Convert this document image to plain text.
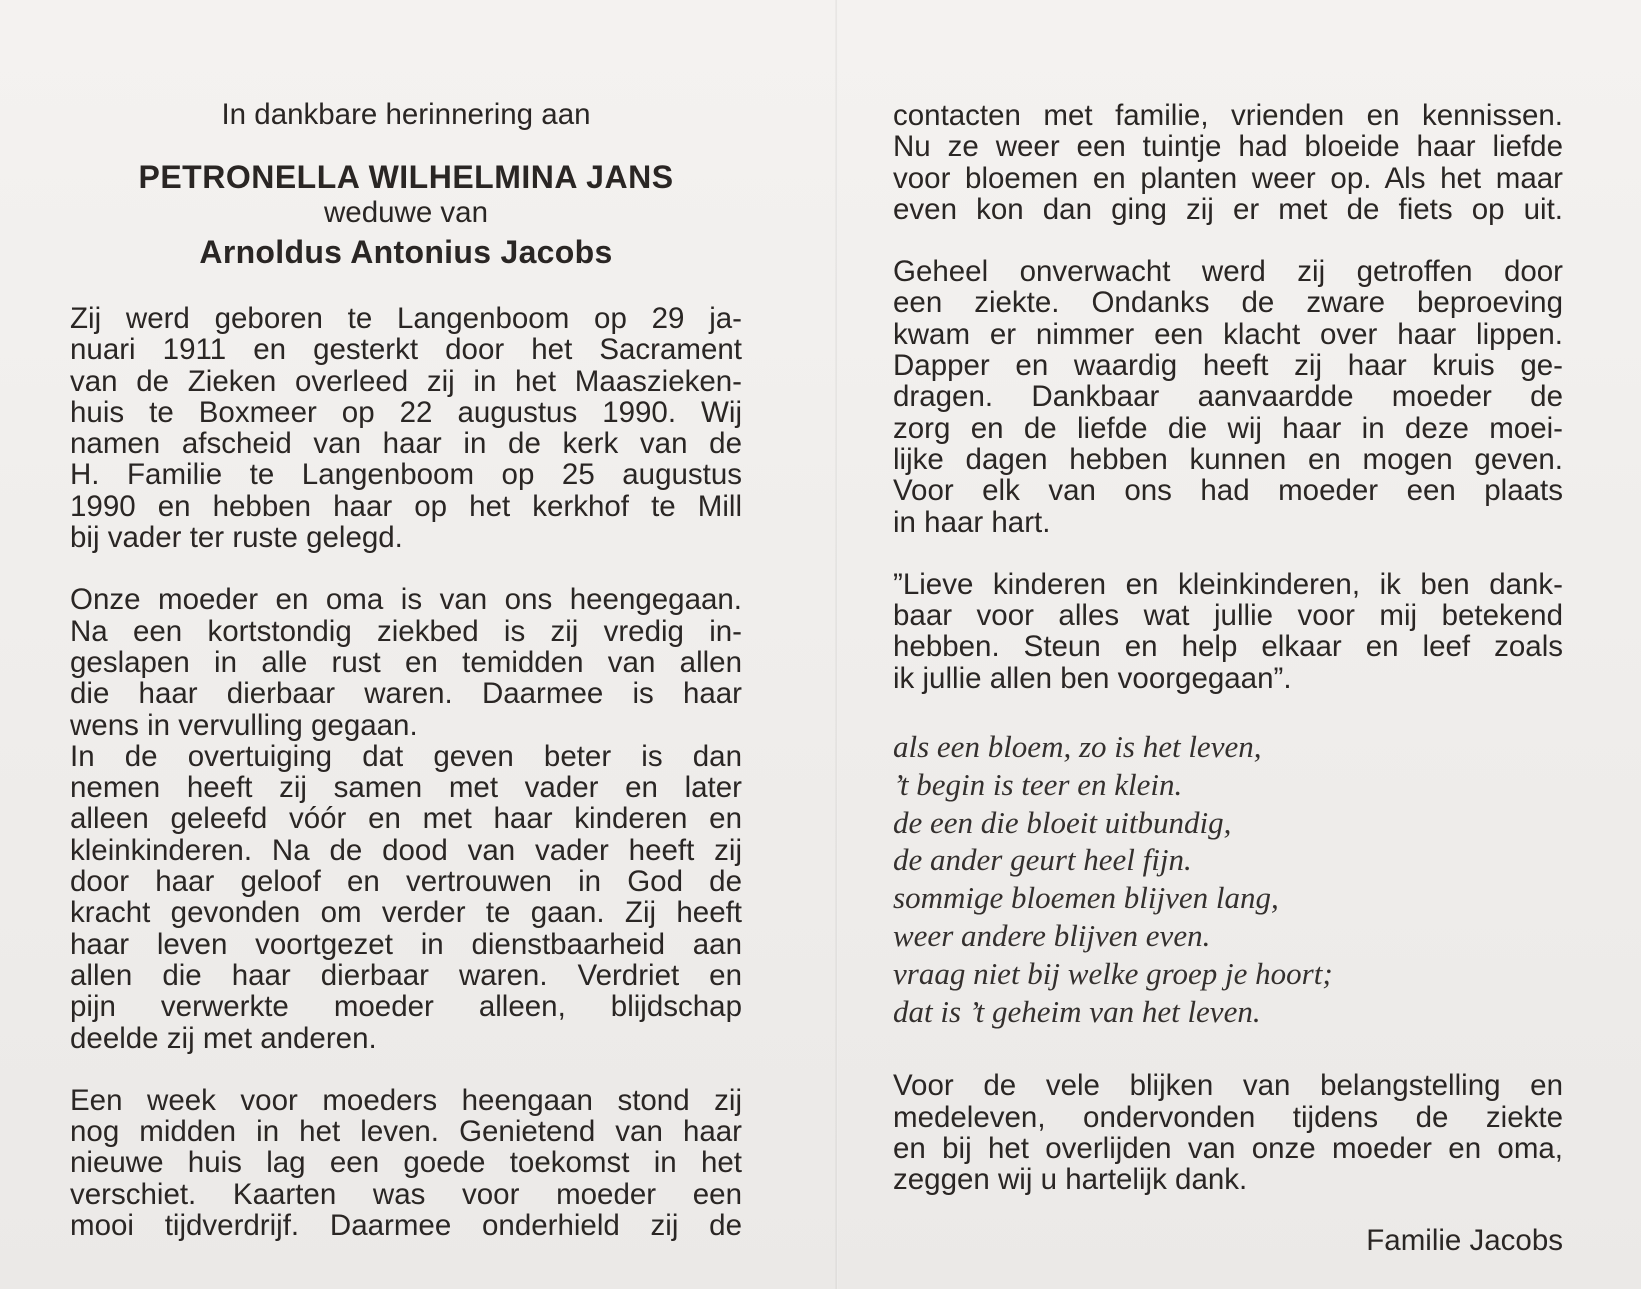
In dankbare herinnering aan

PETRONELLA WILHELMINA JANS

weduwe van

Arnoldus Antonius Jacobs

Zij werd geboren te Langenboom op 29 ja-
nuari 1911 en gesterkt door het Sacrament
van de Zieken overleed zij in het Maaszieken-
huis te Boxmeer op 22 augustus 1990. Wij
namen afscheid van haar in de kerk van de
H. Familie te Langenboom op 25 augustus
1990 en hebben haar op het kerkhof te Mill
bij vader ter ruste gelegd.

Onze moeder en oma is van ons heengegaan.
Na een kortstondig ziekbed is zij vredig in-
geslapen in alle rust en temidden van allen
die haar dierbaar waren. Daarmee is haar
wens in vervulling gegaan.
In de overtuiging dat geven beter is dan
nemen heeft zij samen met vader en later
alleen geleefd vóór en met haar kinderen en
kleinkinderen. Na de dood van vader heeft zij
door haar geloof en vertrouwen in God de
kracht gevonden om verder te gaan. Zij heeft
haar leven voortgezet in dienstbaarheid aan
allen die haar dierbaar waren. Verdriet en
pijn verwerkte moeder alleen, blijdschap
deelde zij met anderen.

Een week voor moeders heengaan stond zij
nog midden in het leven. Genietend van haar
nieuwe huis lag een goede toekomst in het
verschiet. Kaarten was voor moeder een
mooi tijdverdrijf. Daarmee onderhield zij de

contacten met familie, vrienden en kennissen.
Nu ze weer een tuintje had bloeide haar liefde
voor bloemen en planten weer op. Als het maar
even kon dan ging zij er met de fiets op uit.

Geheel onverwacht werd zij getroffen door
een ziekte. Ondanks de zware beproeving
kwam er nimmer een klacht over haar lippen.
Dapper en waardig heeft zij haar kruis ge-
dragen. Dankbaar aanvaardde moeder de
zorg en de liefde die wij haar in deze moei-
lijke dagen hebben kunnen en mogen geven.
Voor elk van ons had moeder een plaats
in haar hart.

”Lieve kinderen en kleinkinderen, ik ben dank-
baar voor alles wat jullie voor mij betekend
hebben. Steun en help elkaar en leef zoals
ik jullie allen ben voorgegaan”.

als een bloem, zo is het leven,
’t begin is teer en klein.
de een die bloeit uitbundig,
de ander geurt heel fijn.
sommige bloemen blijven lang,
weer andere blijven even.
vraag niet bij welke groep je hoort;
dat is ’t geheim van het leven.

Voor de vele blijken van belangstelling en
medeleven, ondervonden tijdens de ziekte
en bij het overlijden van onze moeder en oma,
zeggen wij u hartelijk dank.

Familie Jacobs
